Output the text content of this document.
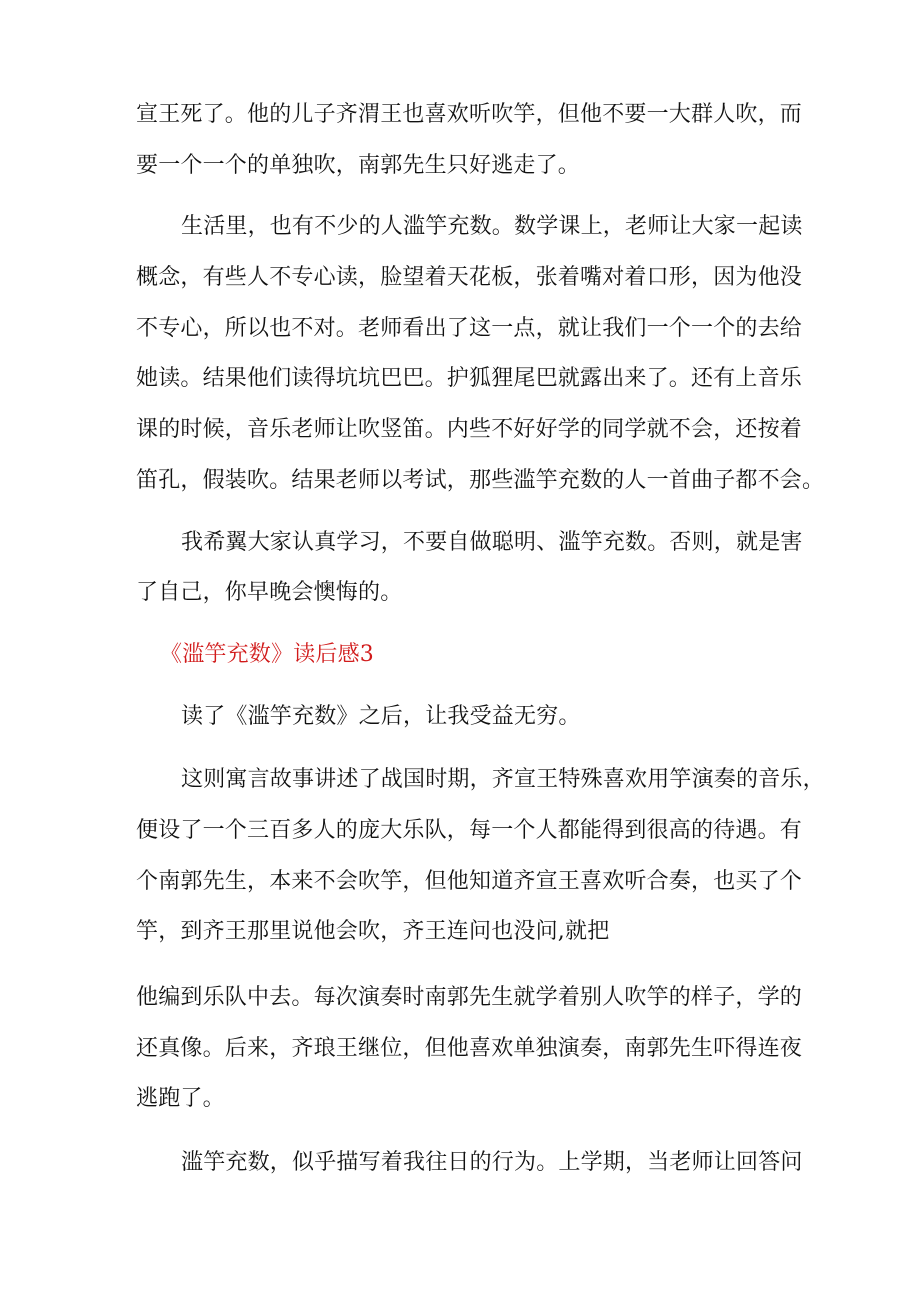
宣王死了。他的儿子齐渭王也喜欢听吹竽，但他不要一大群人吹，而
要一个一个的单独吹，南郭先生只好逃走了。
生活里，也有不少的人滥竽充数。数学课上，老师让大家一起读
概念，有些人不专心读，脸望着天花板，张着嘴对着口形，因为他没
不专心，所以也不对。老师看出了这一点，就让我们一个一个的去给
她读。结果他们读得坑坑巴巴。护狐狸尾巴就露出来了。还有上音乐
课的时候，音乐老师让吹竖笛。内些不好好学的同学就不会，还按着
笛孔，假装吹。结果老师以考试，那些滥竽充数的人一首曲子都不会。
我希翼大家认真学习，不要自做聪明、滥竽充数。否则，就是害
了自己，你早晚会懊悔的。
《滥竽充数》读后感3
读了《滥竽充数》之后，让我受益无穷。
这则寓言故事讲述了战国时期，齐宣王特殊喜欢用竽演奏的音乐，
便设了一个三百多人的庞大乐队，每一个人都能得到很高的待遇。有
个南郭先生，本来不会吹竽，但他知道齐宣王喜欢听合奏，也买了个
竽，到齐王那里说他会吹，齐王连问也没问,就把
他编到乐队中去。每次演奏时南郭先生就学着别人吹竽的样子，学的
还真像。后来，齐琅王继位，但他喜欢单独演奏，南郭先生吓得连夜
逃跑了。
滥竽充数，似乎描写着我往日的行为。上学期，当老师让回答问
